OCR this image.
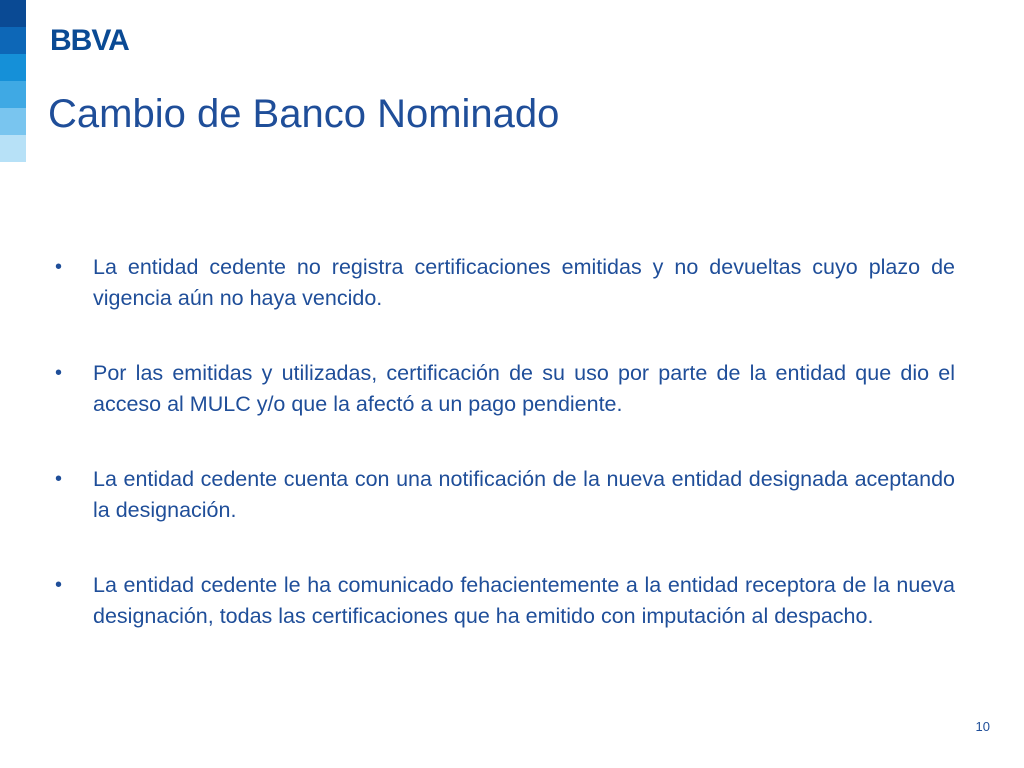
BBVA
Cambio de Banco Nominado
•	La entidad cedente no registra certificaciones emitidas y no devueltas cuyo plazo de vigencia aún no haya vencido.
•	Por las emitidas y utilizadas, certificación de su uso por parte de la entidad que dio el acceso al MULC y/o que la afectó a un pago pendiente.
•	La entidad cedente cuenta con una notificación de la nueva entidad designada aceptando la designación.
•	La entidad cedente le ha comunicado fehacientemente a la entidad receptora de la nueva designación, todas las certificaciones que ha emitido con imputación al despacho.
10
